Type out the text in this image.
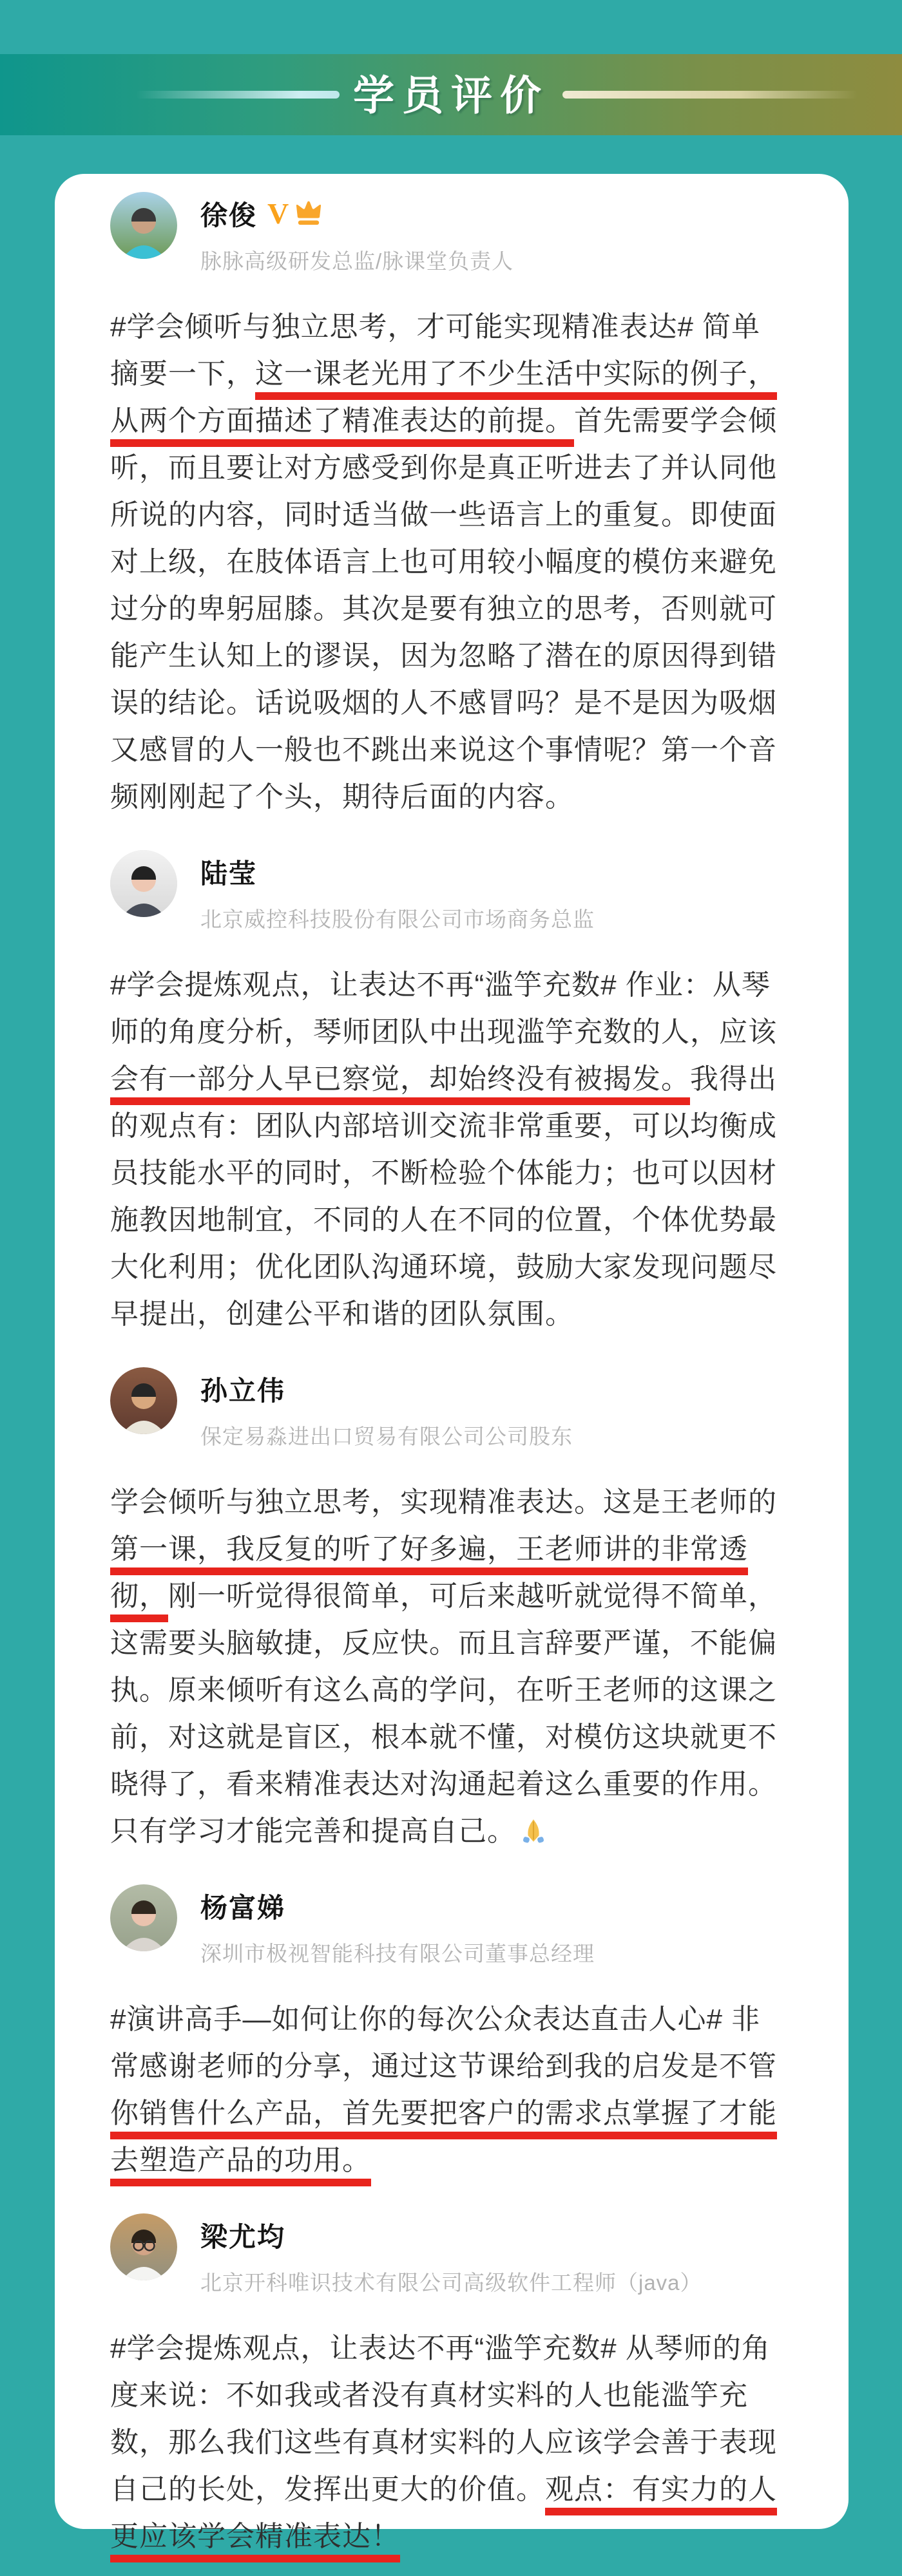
学员评价
徐俊 V
脉脉高级研发总监/脉课堂负责人
#学会倾听与独立思考，才可能实现精准表达# 简单
摘要一下，这一课老光用了不少生活中实际的例子，
从两个方面描述了精准表达的前提。首先需要学会倾
听，而且要让对方感受到你是真正听进去了并认同他
所说的内容，同时适当做一些语言上的重复。即使面
对上级，在肢体语言上也可用较小幅度的模仿来避免
过分的卑躬屈膝。其次是要有独立的思考，否则就可
能产生认知上的谬误，因为忽略了潜在的原因得到错
误的结论。话说吸烟的人不感冒吗？是不是因为吸烟
又感冒的人一般也不跳出来说这个事情呢？第一个音
频刚刚起了个头，期待后面的内容。
陆莹
北京威控科技股份有限公司市场商务总监
#学会提炼观点，让表达不再“滥竽充数# 作业：从琴
师的角度分析，琴师团队中出现滥竽充数的人，应该
会有一部分人早已察觉，却始终没有被揭发。我得出
的观点有：团队内部培训交流非常重要，可以均衡成
员技能水平的同时，不断检验个体能力；也可以因材
施教因地制宜，不同的人在不同的位置，个体优势最
大化利用；优化团队沟通环境，鼓励大家发现问题尽
早提出，创建公平和谐的团队氛围。
孙立伟
保定易淼进出口贸易有限公司公司股东
学会倾听与独立思考，实现精准表达。这是王老师的
第一课，我反复的听了好多遍，王老师讲的非常透
彻，刚一听觉得很简单，可后来越听就觉得不简单，
这需要头脑敏捷，反应快。而且言辞要严谨，不能偏
执。原来倾听有这么高的学问，在听王老师的这课之
前，对这就是盲区，根本就不懂，对模仿这块就更不
晓得了，看来精准表达对沟通起着这么重要的作用。
只有学习才能完善和提高自己。
杨富娣
深圳市极视智能科技有限公司董事总经理
#演讲高手—如何让你的每次公众表达直击人心# 非
常感谢老师的分享，通过这节课给到我的启发是不管
你销售什么产品，首先要把客户的需求点掌握了才能
去塑造产品的功用。
梁尤均
北京开科唯识技术有限公司高级软件工程师（java）
#学会提炼观点，让表达不再“滥竽充数# 从琴师的角
度来说：不如我或者没有真材实料的人也能滥竽充
数，那么我们这些有真材实料的人应该学会善于表现
自己的长处，发挥出更大的价值。观点：有实力的人
更应该学会精准表达！
